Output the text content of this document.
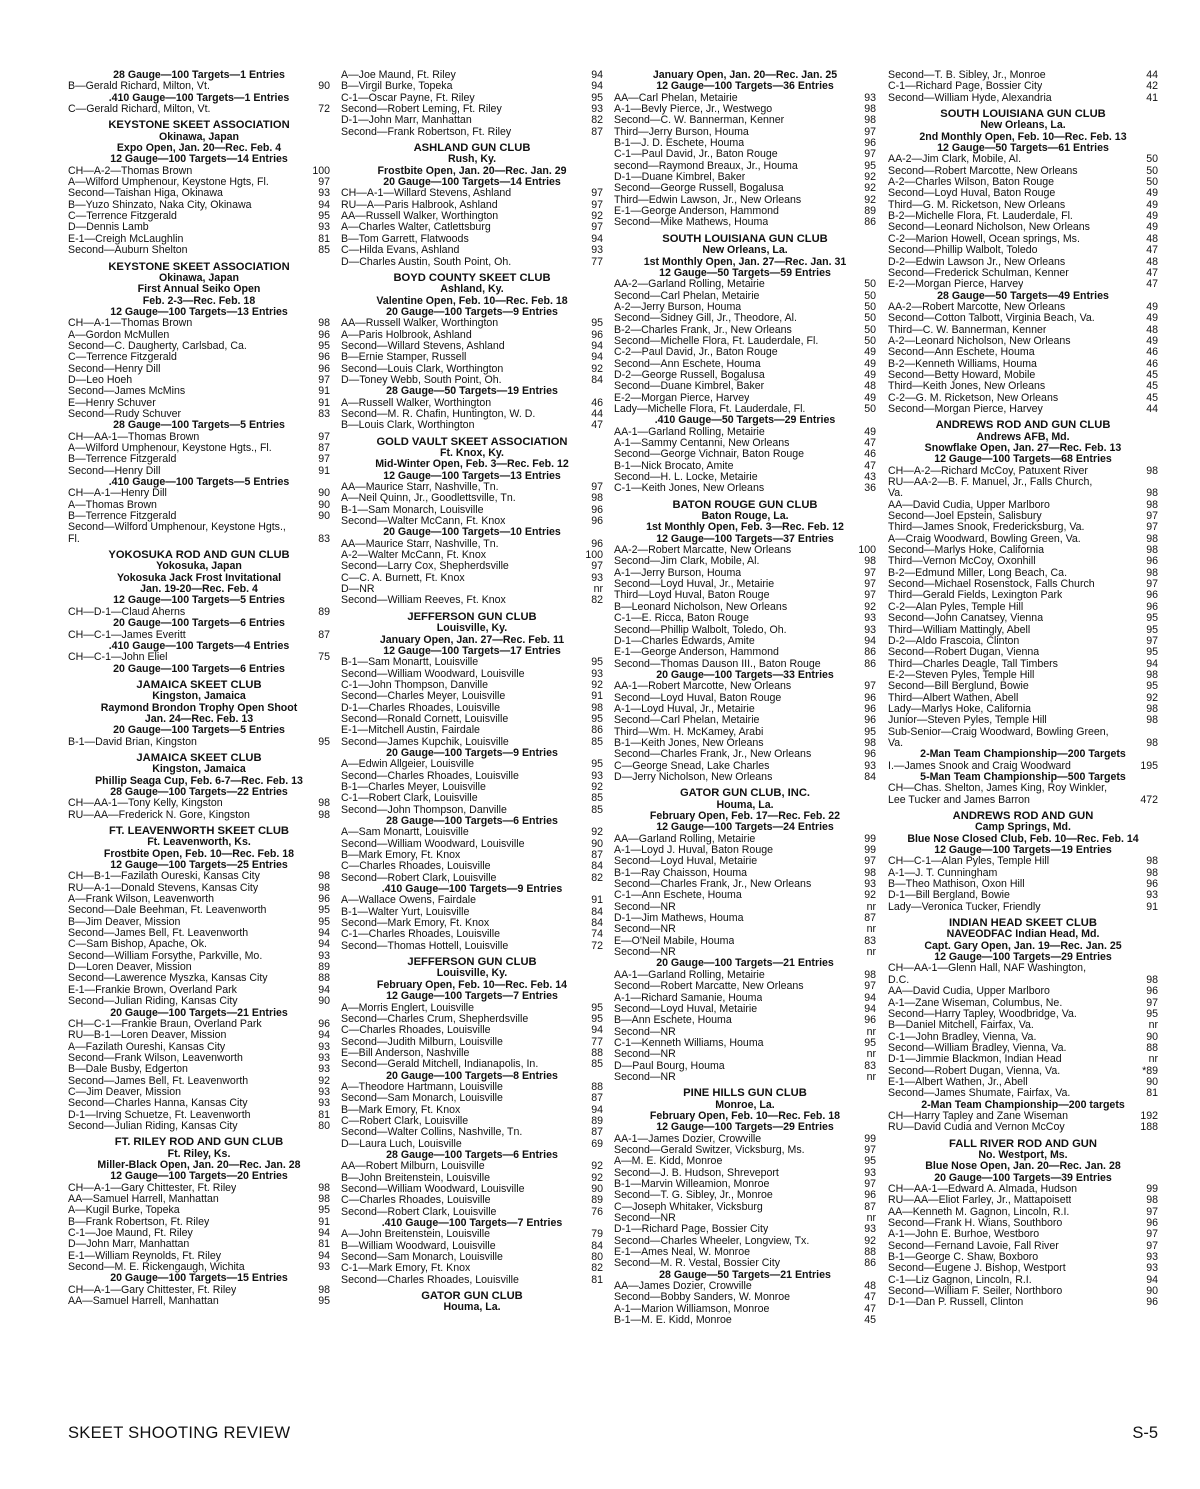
28 Gauge—100 Targets—1 Entries
B—Gerald Richard, Milton, Vt.	90
.410 Gauge—100 Targets—1 Entries
C—Gerald Richard, Milton, Vt.	72
KEYSTONE SKEET ASSOCIATION
Okinawa, Japan
Expo Open, Jan. 20—Rec. Feb. 4
12 Gauge—100 Targets—14 Entries
CH—A-2—Thomas Brown	100
A—Wilford Umphenour, Keystone Hgts, Fl.	97
Second—Taishan Higa, Okinawa	93
B—Yuzo Shinzato, Naka City, Okinawa	94
C—Terrence Fitzgerald	95
D—Dennis Lamb	93
E-1—Creigh McLaughlin	81
Second—Auburn Shelton	85
KEYSTONE SKEET ASSOCIATION
Okinawa, Japan
First Annual Seiko Open
Feb. 2-3—Rec. Feb. 18
12 Gauge—100 Targets—13 Entries
CH—A-1—Thomas Brown	98
A—Gordon McMullen	96
Second—C. Daugherty, Carlsbad, Ca.	95
C—Terrence Fitzgerald	96
Second—Henry Dill	96
D—Leo Hoeh	97
Second—James McMins	91
E—Henry Schuver	91
Second—Rudy Schuver	83
28 Gauge—100 Targets—5 Entries
CH—AA-1—Thomas Brown	97
A—Wilford Umphenour, Keystone Hgts., Fl.	87
B—Terrence Fitzgerald	97
Second—Henry Dill	91
.410 Gauge—100 Targets—5 Entries
CH—A-1—Henry Dill	90
A—Thomas Brown	90
B—Terrence Fitzgerald	90
Second—Wilford Umphenour, Keystone Hgts.,
Fl.	83
YOKOSUKA ROD AND GUN CLUB
Yokosuka, Japan
Yokosuka Jack Frost Invitational
Jan. 19-20—Rec. Feb. 4
12 Gauge—100 Targets—5 Entries
CH—D-1—Claud Aherns	89
20 Gauge—100 Targets—6 Entries
CH—C-1—James Everitt	87
.410 Gauge—100 Targets—4 Entries
CH—C-1—John Eliel	75
20 Gauge—100 Targets—6 Entries
JAMAICA SKEET CLUB
Kingston, Jamaica
Raymond Brondon Trophy Open Shoot
Jan. 24—Rec. Feb. 13
20 Gauge—100 Targets—5 Entries
B-1—David Brian, Kingston	95
JAMAICA SKEET CLUB
Kingston, Jamaica
Phillip Seaga Cup, Feb. 6-7—Rec. Feb. 13
28 Gauge—100 Targets—22 Entries
CH—AA-1—Tony Kelly, Kingston	98
RU—AA—Frederick N. Gore, Kingston	98
FT. LEAVENWORTH SKEET CLUB
Ft. Leavenworth, Ks.
Frostbite Open, Feb. 10—Rec. Feb. 18
12 Gauge—100 Targets—25 Entries
CH—B-1—Fazilath Oureski, Kansas City	98
RU—A-1—Donald Stevens, Kansas City	98
A—Frank Wilson, Leavenworth	96
Second—Dale Beehman, Ft. Leavenworth	95
B—Jim Deaver, Mission	95
Second—James Bell, Ft. Leavenworth	94
C—Sam Bishop, Apache, Ok.	94
Second—William Forsythe, Parkville, Mo.	93
D—Loren Deaver, Mission	89
Second—Lawerence Myszka, Kansas City	88
E-1—Frankie Brown, Overland Park	94
Second—Julian Riding, Kansas City	90
20 Gauge—100 Targets—21 Entries
CH—C-1—Frankie Braun, Overland Park	96
RU—B-1—Loren Deaver, Mission	94
A—Fazilath Oureshi, Kansas City	93
Second—Frank Wilson, Leavenworth	93
B—Dale Busby, Edgerton	93
Second—James Bell, Ft. Leavenworth	92
C—Jim Deaver, Mission	93
Second—Charles Hanna, Kansas City	93
D-1—Irving Schuetze, Ft. Leavenworth	81
Second—Julian Riding, Kansas City	80
FT. RILEY ROD AND GUN CLUB
Ft. Riley, Ks.
Miller-Black Open, Jan. 20—Rec. Jan. 28
12 Gauge—100 Targets—20 Entries
CH—A-1—Gary Chittester, Ft. Riley	98
AA—Samuel Harrell, Manhattan	98
A—Kugil Burke, Topeka	95
B—Frank Robertson, Ft. Riley	91
C-1—Joe Maund, Ft. Riley	94
D—John Marr, Manhattan	81
E-1—William Reynolds, Ft. Riley	94
Second—M. E. Rickengaugh, Wichita	93
20 Gauge—100 Targets—15 Entries
CH—A-1—Gary Chittester, Ft. Riley	98
AA—Samuel Harrell, Manhattan	95
A—Joe Maund, Ft. Riley	94
B—Virgil Burke, Topeka	94
C-1—Oscar Payne, Ft. Riley	95
Second—Robert Leming, Ft. Riley	93
D-1—John Marr, Manhattan	82
Second—Frank Robertson, Ft. Riley	87
ASHLAND GUN CLUB
Rush, Ky.
Frostbite Open, Jan. 20—Rec. Jan. 29
20 Gauge—100 Targets—14 Entries
CH—A-1—Willard Stevens, Ashland	97
RU—A—Paris Halbrook, Ashland	97
AA—Russell Walker, Worthington	92
A—Charles Walter, Catlettsburg	97
B—Tom Garrett, Flatwoods	94
C—Hilda Evans, Ashland	93
D—Charles Austin, South Point, Oh.	77
BOYD COUNTY SKEET CLUB
Ashland, Ky.
Valentine Open, Feb. 10—Rec. Feb. 18
20 Gauge—100 Targets—9 Entries
AA—Russell Walker, Worthington	95
A—Paris Holbrook, Ashland	96
Second—Willard Stevens, Ashland	94
B—Ernie Stamper, Russell	94
Second—Louis Clark, Worthington	92
D—Toney Webb, South Point, Oh.	84
28 Gauge—50 Targets—19 Entries
A—Russell Walker, Worthington	46
Second—M. R. Chafin, Huntington, W. D.	44
B—Louis Clark, Worthington	47
GOLD VAULT SKEET ASSOCIATION
Ft. Knox, Ky.
Mid-Winter Open, Feb. 3—Rec. Feb. 12
12 Gauge—100 Targets—13 Entries
AA—Maurice Starr, Nashville, Tn.	97
A—Neil Quinn, Jr., Goodlettsville, Tn.	98
B-1—Sam Monarch, Louisville	96
Second—Walter McCann, Ft. Knox	96
20 Gauge—100 Targets—10 Entries
AA—Maurice Starr, Nashville, Tn.	96
A-2—Walter McCann, Ft. Knox	100
Second—Larry Cox, Shepherdsville	97
C—C. A. Burnett, Ft. Knox	93
D—NR	nr
Second—William Reeves, Ft. Knox	82
JEFFERSON GUN CLUB
Louisville, Ky.
January Open, Jan. 27—Rec. Feb. 11
12 Gauge—100 Targets—17 Entries
B-1—Sam Monartt, Louisville	95
Second—William Woodward, Louisville	93
C-1—John Thompson, Danville	92
Second—Charles Meyer, Louisville	91
D-1—Charles Rhoades, Louisville	98
Second—Ronald Cornett, Louisville	95
E-1—Mitchell Austin, Fairdale	86
Second—James Kupchik, Louisville	85
20 Gauge—100 Targets—9 Entries
A—Edwin Allgeier, Louisville	95
Second—Charles Rhoades, Louisville	93
B-1—Charles Meyer, Louisville	92
C-1—Robert Clark, Louisville	85
Second—John Thompson, Danville	85
28 Gauge—100 Targets—6 Entries
A—Sam Monartt, Louisville	92
Second—William Woodward, Louisville	90
B—Mark Emory, Ft. Knox	87
C—Charles Rhoades, Louisville	84
Second—Robert Clark, Louisville	82
.410 Gauge—100 Targets—9 Entries
A—Wallace Owens, Fairdale	91
B-1—Walter Yurt, Louisville	84
Second—Mark Emory, Ft. Knox	84
C-1—Charles Rhoades, Louisville	74
Second—Thomas Hottell, Louisville	72
JEFFERSON GUN CLUB
Louisville, Ky.
February Open, Feb. 10—Rec. Feb. 14
12 Gauge—100 Targets—7 Entries
A—Morris Englert, Louisville	95
Second—Charles Crum, Shepherdsville	95
C—Charles Rhoades, Louisville	94
Second—Judith Milburn, Louisville	77
E—Bill Anderson, Nashville	88
Second—Gerald Mitchell, Indianapolis, In.	85
20 Gauge—100 Targets—8 Entries
A—Theodore Hartmann, Louisville	88
Second—Sam Monarch, Louisville	87
B—Mark Emory, Ft. Knox	94
C—Robert Clark, Louisville	89
Second—Walter Collins, Nashville, Tn.	87
D—Laura Luch, Louisville	69
28 Gauge—100 Targets—6 Entries
AA—Robert Milburn, Louisville	92
B—John Breitenstein, Louisville	92
Second—William Woodward, Louisville	90
C—Charles Rhoades, Louisville	89
Second—Robert Clark, Louisville	76
.410 Gauge—100 Targets—7 Entries
A—John Breitenstein, Louisville	79
B—William Woodward, Louisville	84
Second—Sam Monarch, Louisville	80
C-1—Mark Emory, Ft. Knox	82
Second—Charles Rhoades, Louisville	81
GATOR GUN CLUB
Houma, La.
January Open, Jan. 20—Rec. Jan. 25
12 Gauge—100 Targets—36 Entries
AA—Carl Phelan, Metairie	93
A-1—Bevly Pierce, Jr., Westwego	98
Second—C. W. Bannerman, Kenner	98
Third—Jerry Burson, Houma	97
B-1—J. D. Eschete, Houma	96
C-1—Paul David, Jr., Baton Rouge	97
second—Raymond Breaux, Jr., Houma	95
D-1—Duane Kimbrel, Baker	92
Second—George Russell, Bogalusa	92
Third—Edwin Lawson, Jr., New Orleans	92
E-1—George Anderson, Hammond	89
Second—Mike Mathews, Houma	86
SOUTH LOUISIANA GUN CLUB
New Orleans, La.
1st Monthly Open, Jan. 27—Rec. Jan. 31
12 Gauge—50 Targets—59 Entries
AA-2—Garland Rolling, Metairie	50
Second—Carl Phelan, Metairie	50
A-2—Jerry Burson, Houma	50
Second—Sidney Gill, Jr., Theodore, Al.	50
B-2—Charles Frank, Jr., New Orleans	50
Second—Michelle Flora, Ft. Lauderdale, Fl.	50
C-2—Paul David, Jr., Baton Rouge	49
Second—Ann Eschete, Houma	49
D-2—George Russell, Bogalusa	49
Second—Duane Kimbrel, Baker	48
E-2—Morgan Pierce, Harvey	49
Lady—Michelle Flora, Ft. Lauderdale, Fl.	50
.410 Gauge—50 Targets—29 Entries
AA-1—Garland Rolling, Metairie	49
A-1—Sammy Centanni, New Orleans	47
Second—George Vichnair, Baton Rouge	46
B-1—Nick Brocato, Amite	47
Second—H. L. Locke, Metairie	43
C-1—Keith Jones, New Orleans	36
BATON ROUGE GUN CLUB
Baton Rouge, La.
1st Monthly Open, Feb. 3—Rec. Feb. 12
12 Gauge—100 Targets—37 Entries
AA-2—Robert Marcatte, New Orleans	100
Second—Jim Clark, Mobile, Al.	98
A-1—Jerry Burson, Houma	97
Second—Loyd Huval, Jr., Metairie	97
Third—Loyd Huval, Baton Rouge	97
B—Leonard Nicholson, New Orleans	92
C-1—E. Ricca, Baton Rouge	93
Second—Phillip Walbolt, Toledo, Oh.	93
D-1—Charles Edwards, Amite	94
E-1—George Anderson, Hammond	86
Second—Thomas Dauson III., Baton Rouge	86
20 Gauge—100 Targets—33 Entries
AA-1—Robert Marcotte, New Orleans	97
Second—Loyd Huval, Baton Rouge	96
A-1—Loyd Huval, Jr., Metairie	96
Second—Carl Phelan, Metairie	96
Third—Wm. H. McKamey, Arabi	95
B-1—Keith Jones, New Orleans	98
Second—Charles Frank, Jr., New Orleans	96
C—George Snead, Lake Charles	93
D—Jerry Nicholson, New Orleans	84
GATOR GUN CLUB, INC.
Houma, La.
February Open, Feb. 17—Rec. Feb. 22
12 Gauge—100 Targets—24 Entries
AA—Garland Rolling, Metairie	99
A-1—Loyd J. Huval, Baton Rouge	99
Second—Loyd Huval, Metairie	97
B-1—Ray Chaisson, Houma	98
Second—Charles Frank, Jr., New Orleans	93
C-1—Ann Eschete, Houma	92
Second—NR	nr
D-1—Jim Mathews, Houma	87
Second—NR	nr
E—O'Neil Mabile, Houma	83
Second—NR	nr
20 Gauge—100 Targets—21 Entries
AA-1—Garland Rolling, Metairie	98
Second—Robert Marcatte, New Orleans	97
A-1—Richard Samanie, Houma	94
Second—Loyd Huval, Metairie	94
B—Ann Eschete, Houma	96
Second—NR	nr
C-1—Kenneth Williams, Houma	95
Second—NR	nr
D—Paul Bourg, Houma	83
Second—NR	nr
PINE HILLS GUN CLUB
Monroe, La.
February Open, Feb. 10—Rec. Feb. 18
12 Gauge—100 Targets—29 Entries
AA-1—James Dozier, Crowville	99
Second—Gerald Switzer, Vicksburg, Ms.	97
A—M. E. Kidd, Monroe	95
Second—J. B. Hudson, Shreveport	93
B-1—Marvin Willeamion, Monroe	97
Second—T. G. Sibley, Jr., Monroe	96
C—Joseph Whitaker, Vicksburg	87
Second—NR	nr
D-1—Richard Page, Bossier City	93
Second—Charles Wheeler, Longview, Tx.	92
E-1—Ames Neal, W. Monroe	88
Second—M. R. Vestal, Bossier City	86
28 Gauge—50 Targets—21 Entries
AA—James Dozier, Crowville	48
Second—Bobby Sanders, W. Monroe	47
A-1—Marion Williamson, Monroe	47
B-1—M. E. Kidd, Monroe	45
Second—T. B. Sibley, Jr., Monroe	44
C-1—Richard Page, Bossier City	42
Second—William Hyde, Alexandria	41
SOUTH LOUISIANA GUN CLUB
New Orleans, La.
2nd Monthly Open, Feb. 10—Rec. Feb. 13
12 Gauge—50 Targets—61 Entries
AA-2—Jim Clark, Mobile, Al.	50
Second—Robert Marcotte, New Orleans	50
A-2—Charles Wilson, Baton Rouge	50
Second—Loyd Huval, Baton Rouge	49
Third—G. M. Ricketson, New Orleans	49
B-2—Michelle Flora, Ft. Lauderdale, Fl.	49
Second—Leonard Nicholson, New Orleans	49
C-2—Marion Howell, Ocean springs, Ms.	48
Second—Phillip Walbolt, Toledo	47
D-2—Edwin Lawson Jr., New Orleans	48
Second—Frederick Schulman, Kenner	47
E-2—Morgan Pierce, Harvey	47
28 Gauge—50 Targets—49 Entries
AA-2—Robert Marcotte, New Orleans	49
Second—Cotton Talbott, Virginia Beach, Va.	49
Third—C. W. Bannerman, Kenner	48
A-2—Leonard Nicholson, New Orleans	49
Second—Ann Eschete, Houma	46
B-2—Kenneth Williams, Houma	46
Second—Betty Howard, Mobile	45
Third—Keith Jones, New Orleans	45
C-2—G. M. Ricketson, New Orleans	45
Second—Morgan Pierce, Harvey	44
ANDREWS ROD AND GUN CLUB
Andrews AFB, Md.
Snowflake Open, Jan. 27—Rec. Feb. 13
12 Gauge—100 Targets—68 Entries
CH—A-2—Richard McCoy, Patuxent River	98
RU—AA-2—B. F. Manuel, Jr., Falls Church,
Va.	98
AA—David Cudia, Upper Marlboro	98
Second—Joel Epstein, Salisbury	97
Third—James Snook, Fredericksburg, Va.	97
A—Craig Woodward, Bowling Green, Va.	98
Second—Marlys Hoke, California	98
Third—Vernon McCoy, Oxonhill	96
B-2—Edmund Miller, Long Beach, Ca.	98
Second—Michael Rosenstock, Falls Church	97
Third—Gerald Fields, Lexington Park	96
C-2—Alan Pyles, Temple Hill	96
Second—John Canatsey, Vienna	95
Third—William Mattingly, Abell	95
D-2—Aldo Frascoia, Clinton	97
Second—Robert Dugan, Vienna	95
Third—Charles Deagle, Tall Timbers	94
E-2—Steven Pyles, Temple Hill	98
Second—Bill Berglund, Bowie	95
Third—Albert Wathen, Abell	92
Lady—Marlys Hoke, California	98
Junior—Steven Pyles, Temple Hill	98
Sub-Senior—Craig Woodward, Bowling Green,
Va.	98
2-Man Team Championship—200 Targets
I.—James Snook and Craig Woodward	195
5-Man Team Championship—500 Targets
CH—Chas. Shelton, James King, Roy Winkler,
Lee Tucker and James Barron	472
ANDREWS ROD AND GUN
Camp Springs, Md.
Blue Nose Closed Club, Feb. 10—Rec. Feb. 14
12 Gauge—100 Targets—19 Entries
CH—C-1—Alan Pyles, Temple Hill	98
A-1—J. T. Cunningham	98
B—Theo Mathison, Oxon Hill	96
D-1—Bill Bergland, Bowie	93
Lady—Veronica Tucker, Friendly	91
INDIAN HEAD SKEET CLUB
NAVEODFAC Indian Head, Md.
Capt. Gary Open, Jan. 19—Rec. Jan. 25
12 Gauge—100 Targets—29 Entries
CH—AA-1—Glenn Hall, NAF Washington,
D.C.	98
AA—David Cudia, Upper Marlboro	96
A-1—Zane Wiseman, Columbus, Ne.	97
Second—Harry Tapley, Woodbridge, Va.	95
B—Daniel Mitchell, Fairfax, Va.	nr
C-1—John Bradley, Vienna, Va.	90
Second—William Bradley, Vienna, Va.	88
D-1—Jimmie Blackmon, Indian Head	nr
Second—Robert Dugan, Vienna, Va.	*89
E-1—Albert Wathen, Jr., Abell	90
Second—James Shumate, Fairfax, Va.	81
2-Man Team Championship—200 targets
CH—Harry Tapley and Zane Wiseman	192
RU—David Cudia and Vernon McCoy	188
FALL RIVER ROD AND GUN
No. Westport, Ms.
Blue Nose Open, Jan. 20—Rec. Jan. 28
20 Gauge—100 Targets—39 Entries
CH—AA-1—Edward A. Almada, Hudson	99
RU—AA—Eliot Farley, Jr., Mattapoisett	98
AA—Kenneth M. Gagnon, Lincoln, R.I.	97
Second—Frank H. Wians, Southboro	96
A-1—John E. Burhoe, Westboro	97
Second—Fernand Lavoie, Fall River	97
B-1—George C. Shaw, Boxboro	93
Second—Eugene J. Bishop, Westport	93
C-1—Liz Gagnon, Lincoln, R.I.	94
Second—William F. Seiler, Northboro	90
D-1—Dan P. Russell, Clinton	96
SKEET SHOOTING REVIEW	S-5
